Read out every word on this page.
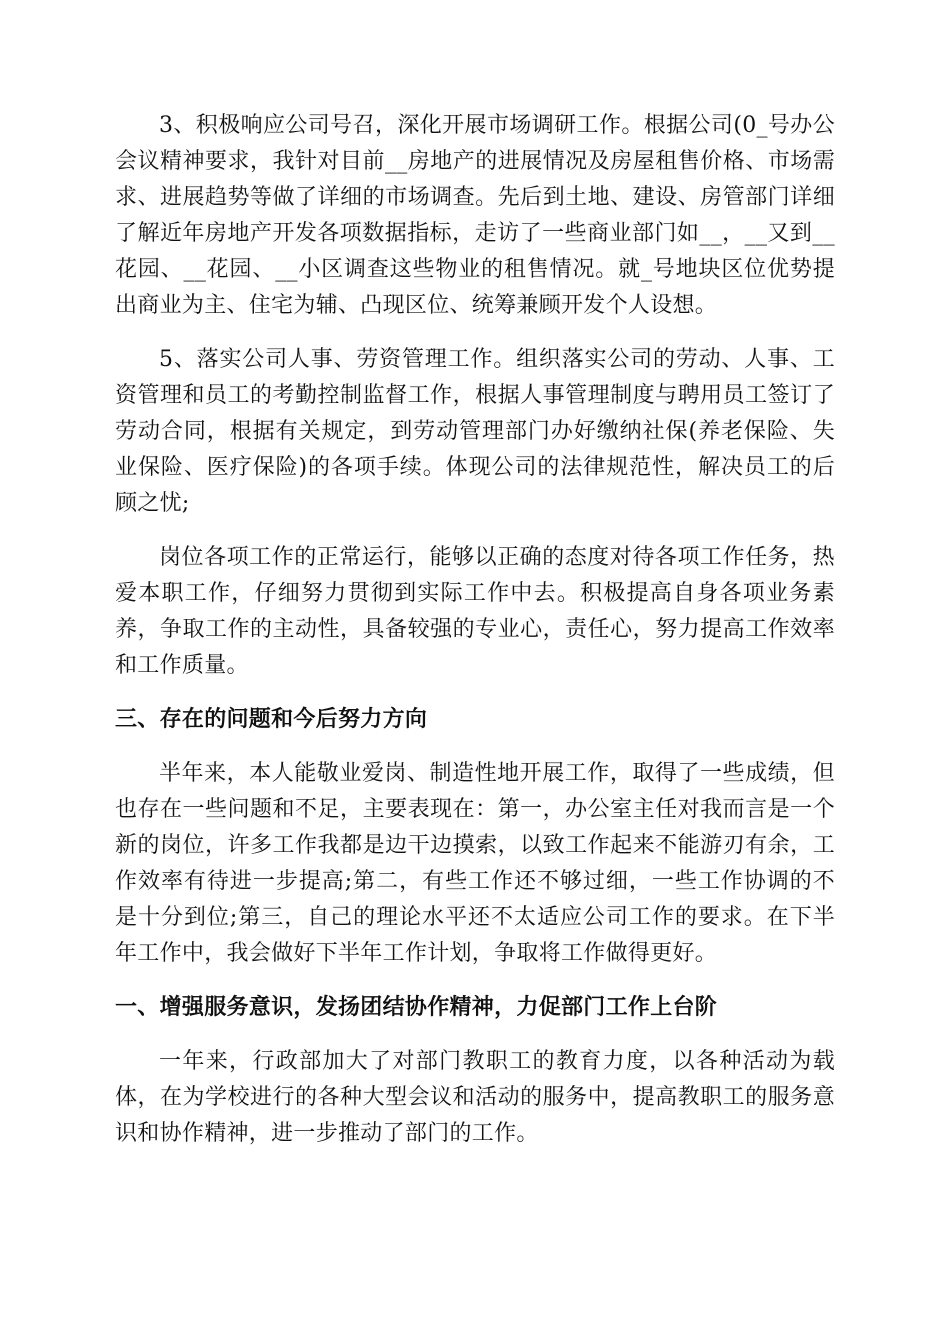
3、积极响应公司号召，深化开展市场调研工作。根据公司(0_号办公会议精神要求，我针对目前__房地产的进展情况及房屋租售价格、市场需求、进展趋势等做了详细的市场调查。先后到土地、建设、房管部门详细了解近年房地产开发各项数据指标，走访了一些商业部门如__，__又到__花园、__花园、__小区调查这些物业的租售情况。就_号地块区位优势提出商业为主、住宅为辅、凸现区位、统筹兼顾开发个人设想。

5、落实公司人事、劳资管理工作。组织落实公司的劳动、人事、工资管理和员工的考勤控制监督工作，根据人事管理制度与聘用员工签订了劳动合同，根据有关规定，到劳动管理部门办好缴纳社保(养老保险、失业保险、医疗保险)的各项手续。体现公司的法律规范性，解决员工的后顾之忧;

岗位各项工作的正常运行，能够以正确的态度对待各项工作任务，热爱本职工作，仔细努力贯彻到实际工作中去。积极提高自身各项业务素养，争取工作的主动性，具备较强的专业心，责任心，努力提高工作效率和工作质量。

三、存在的问题和今后努力方向

半年来，本人能敬业爱岗、制造性地开展工作，取得了一些成绩，但也存在一些问题和不足，主要表现在：第一，办公室主任对我而言是一个新的岗位，许多工作我都是边干边摸索，以致工作起来不能游刃有余，工作效率有待进一步提高;第二，有些工作还不够过细，一些工作协调的不是十分到位;第三，自己的理论水平还不太适应公司工作的要求。在下半年工作中，我会做好下半年工作计划，争取将工作做得更好。

一、增强服务意识，发扬团结协作精神，力促部门工作上台阶

一年来，行政部加大了对部门教职工的教育力度，以各种活动为载体，在为学校进行的各种大型会议和活动的服务中，提高教职工的服务意识和协作精神，进一步推动了部门的工作。
